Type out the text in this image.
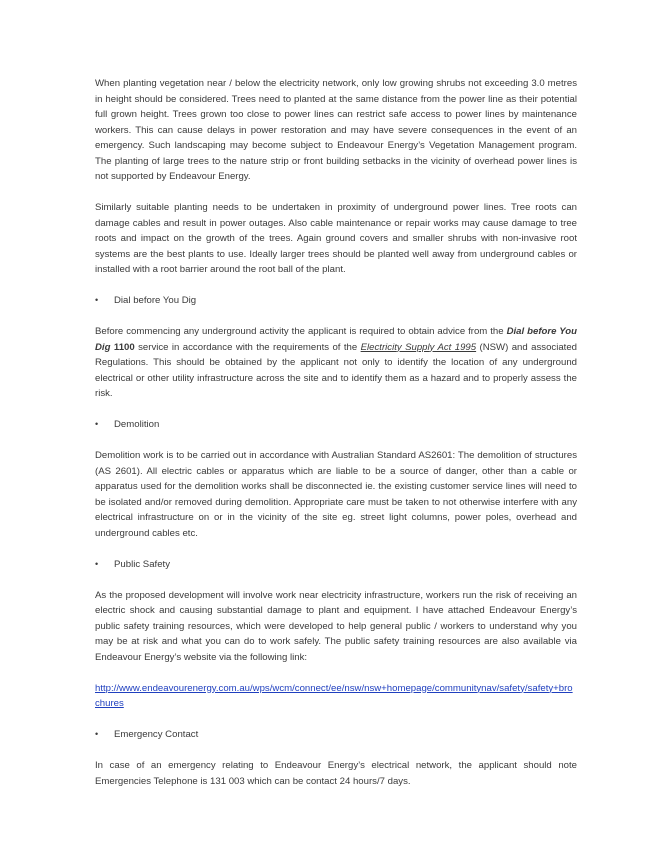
When planting vegetation near / below the electricity network, only low growing shrubs not exceeding 3.0 metres in height should be considered. Trees need to planted at the same distance from the power line as their potential full grown height. Trees grown too close to power lines can restrict safe access to power lines by maintenance workers. This can cause delays in power restoration and may have severe consequences in the event of an emergency. Such landscaping may become subject to Endeavour Energy’s Vegetation Management program. The planting of large trees to the nature strip or front building setbacks in the vicinity of overhead power lines is not supported by Endeavour Energy.

Similarly suitable planting needs to be undertaken in proximity of underground power lines. Tree roots can damage cables and result in power outages. Also cable maintenance or repair works may cause damage to tree roots and impact on the growth of the trees. Again ground covers and smaller shrubs with non-invasive root systems are the best plants to use. Ideally larger trees should be planted well away from underground cables or installed with a root barrier around the root ball of the plant.

•	Dial before You Dig

Before commencing any underground activity the applicant is required to obtain advice from the Dial before You Dig 1100 service in accordance with the requirements of the Electricity Supply Act 1995 (NSW) and associated Regulations. This should be obtained by the applicant not only to identify the location of any underground electrical or other utility infrastructure across the site and to identify them as a hazard and to properly assess the risk.

•	Demolition

Demolition work is to be carried out in accordance with Australian Standard AS2601: The demolition of structures (AS 2601). All electric cables or apparatus which are liable to be a source of danger, other than a cable or apparatus used for the demolition works shall be disconnected ie. the existing customer service lines will need to be isolated and/or removed during demolition. Appropriate care must be taken to not otherwise interfere with any electrical infrastructure on or in the vicinity of the site eg. street light columns, power poles, overhead and underground cables etc.

•	Public Safety

As the proposed development will involve work near electricity infrastructure, workers run the risk of receiving an electric shock and causing substantial damage to plant and equipment. I have attached Endeavour Energy’s public safety training resources, which were developed to help general public / workers to understand why you may be at risk and what you can do to work safely. The public safety training resources are also available via Endeavour Energy’s website via the following link:

http://www.endeavourenergy.com.au/wps/wcm/connect/ee/nsw/nsw+homepage/communitynav/safety/safety+brochures

•	Emergency Contact

In case of an emergency relating to Endeavour Energy’s electrical network, the applicant should note Emergencies Telephone is 131 003 which can be contact 24 hours/7 days.
